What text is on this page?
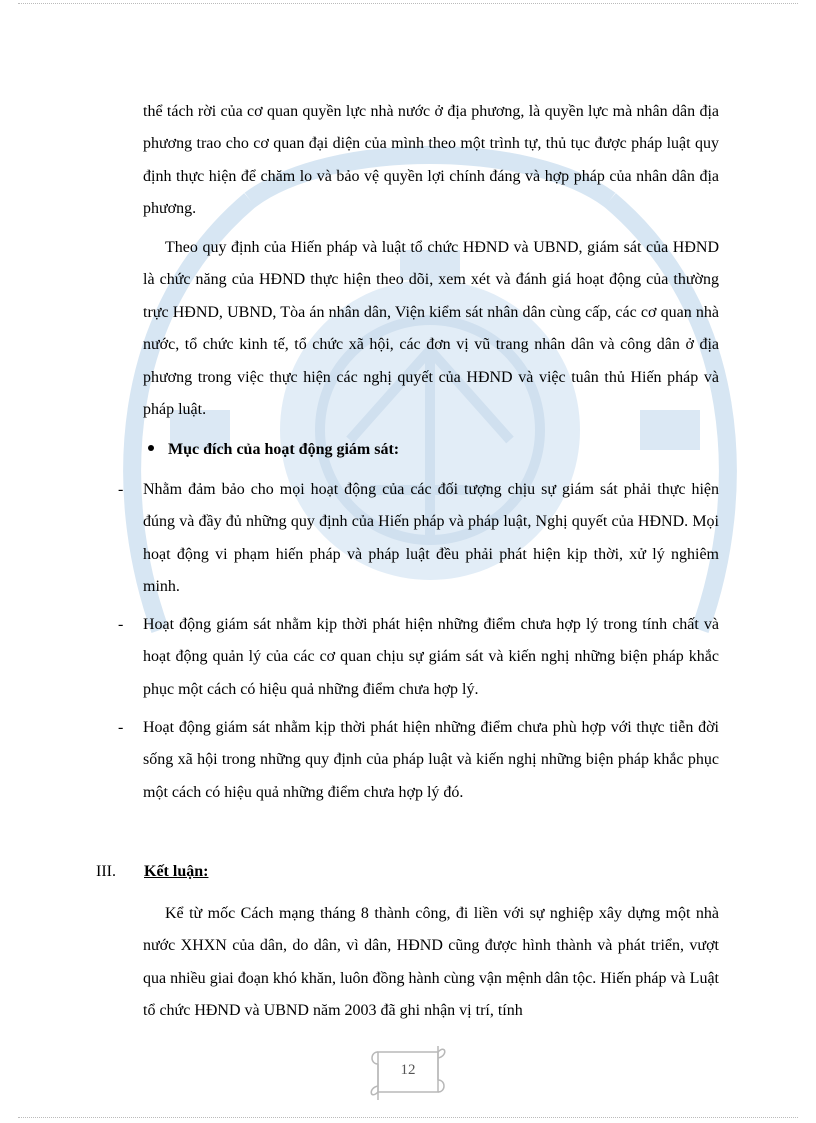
thể tách rời của cơ quan quyền lực nhà nước ở địa phương, là quyền lực mà nhân dân địa phương trao cho cơ quan đại diện của mình theo một trình tự, thủ tục được pháp luật quy định thực hiện để chăm lo và bảo vệ quyền lợi chính đáng và hợp pháp của nhân dân địa phương.

Theo quy định của Hiến pháp và luật tổ chức HĐND và UBND, giám sát của HĐND là chức năng của HĐND thực hiện theo dõi, xem xét và đánh giá hoạt động của thường trực HĐND, UBND, Tòa án nhân dân, Viện kiểm sát nhân dân cùng cấp, các cơ quan nhà nước, tổ chức kinh tế, tổ chức xã hội, các đơn vị vũ trang nhân dân và công dân ở địa phương trong việc thực hiện các nghị quyết của HĐND và việc tuân thủ Hiến pháp và pháp luật.

Mục đích của hoạt động giám sát:
- Nhằm đảm bảo cho mọi hoạt động của các đối tượng chịu sự giám sát phải thực hiện đúng và đầy đủ những quy định của Hiến pháp và pháp luật, Nghị quyết của HĐND. Mọi hoạt động vi phạm hiến pháp và pháp luật đều phải phát hiện kịp thời, xử lý nghiêm minh.

- Hoạt động giám sát nhằm kịp thời phát hiện những điểm chưa hợp lý trong tính chất và hoạt động quản lý của các cơ quan chịu sự giám sát và kiến nghị những biện pháp khắc phục một cách có hiệu quả những điểm chưa hợp lý.

- Hoạt động giám sát nhằm kịp thời phát hiện những điểm chưa phù hợp với thực tiễn đời sống xã hội trong những quy định của pháp luật và kiến nghị những biện pháp khắc phục một cách có hiệu quả những điểm chưa hợp lý đó.

III. Kết luận:

Kể từ mốc Cách mạng tháng 8 thành công, đi liền với sự nghiệp xây dựng một nhà nước XHXN của dân, do dân, vì dân, HĐND cũng được hình thành và phát triển, vượt qua nhiều giai đoạn khó khăn, luôn đồng hành cùng vận mệnh dân tộc. Hiến pháp và Luật tổ chức HĐND và UBND năm 2003 đã ghi nhận vị trí, tính

12
